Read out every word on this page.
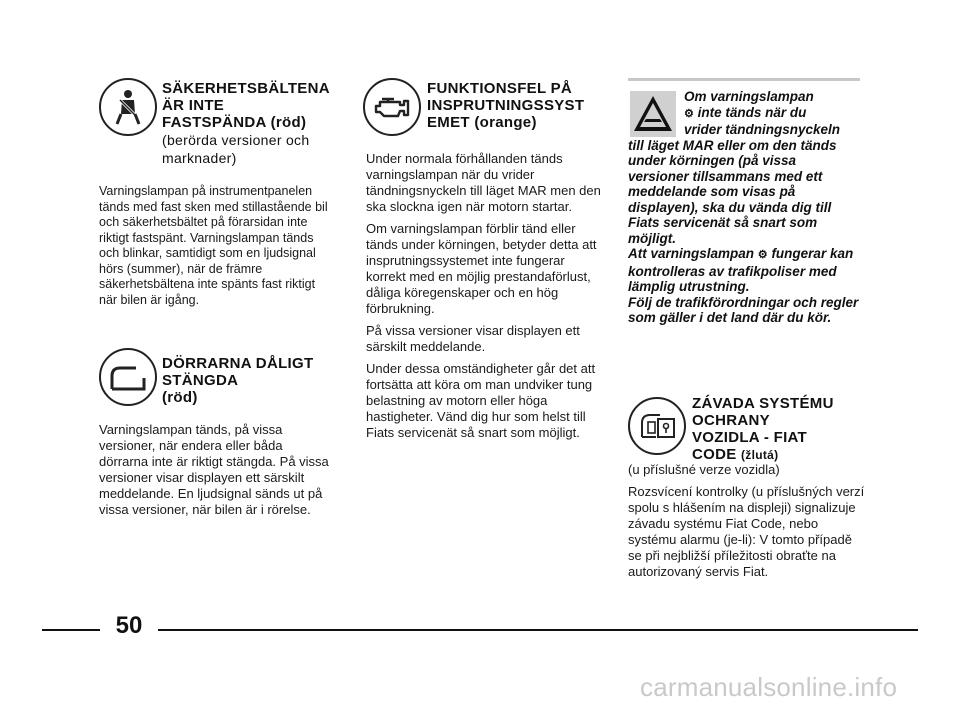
SÄKERHETSBÄLTENA
ÄR INTE
FASTSPÄNDA (röd)
(berörda versioner och
marknader)
Varningslampan på instrumentpanelen tänds med fast sken med stillastående bil och säkerhetsbältet på förarsidan inte riktigt fastspänt. Varningslampan tänds och blinkar, samtidigt som en ljudsignal hörs (summer), när de främre säkerhetsbältena inte spänts fast riktigt när bilen är igång.
DÖRRARNA DÅLIGT
STÄNGDA
(röd)
Varningslampan tänds, på vissa versioner, när endera eller båda dörrarna inte är riktigt stängda. På vissa versioner visar displayen ett särskilt meddelande. En ljudsignal sänds ut på vissa versioner, när bilen är i rörelse.
FUNKTIONSFEL PÅ
INSPRUTNINGSSYST
EMET (orange)

Under normala förhållanden tänds varningslampan när du vrider tändningsnyckeln till läget MAR men den ska slockna igen när motorn startar.

Om varningslampan förblir tänd eller tänds under körningen, betyder detta att insprutningssystemet inte fungerar korrekt med en möjlig prestandaförlust, dåliga köregenskaper och en hög förbrukning.

På vissa versioner visar displayen ett särskilt meddelande.

Under dessa omständigheter går det att fortsätta att köra om man undviker tung belastning av motorn eller höga hastigheter. Vänd dig hur som helst till Fiats servicenät så snart som möjligt.

Om varningslampan
⚙ inte tänds när du
vrider tändningsnyckeln
till läget MAR eller om den tänds under körningen (på vissa versioner tillsammans med ett meddelande som visas på displayen), ska du vända dig till Fiats servicenät så snart som möjligt.
Att varningslampan ⚙ fungerar kan kontrolleras av trafikpoliser med lämplig utrustning.
Följ de trafikförordningar och regler som gäller i det land där du kör.
ZÁVADA SYSTÉMU
OCHRANY
VOZIDLA - FIAT
CODE (žlutá)
(u příslušné verze vozidla)
Rozsvícení kontrolky (u příslušných verzí spolu s hlášením na displeji) signalizuje závadu systému Fiat Code, nebo systému alarmu (je-li): V tomto případě se při nejbližší příležitosti obraťte na autorizovaný servis Fiat.
50
carmanualsonline.info
